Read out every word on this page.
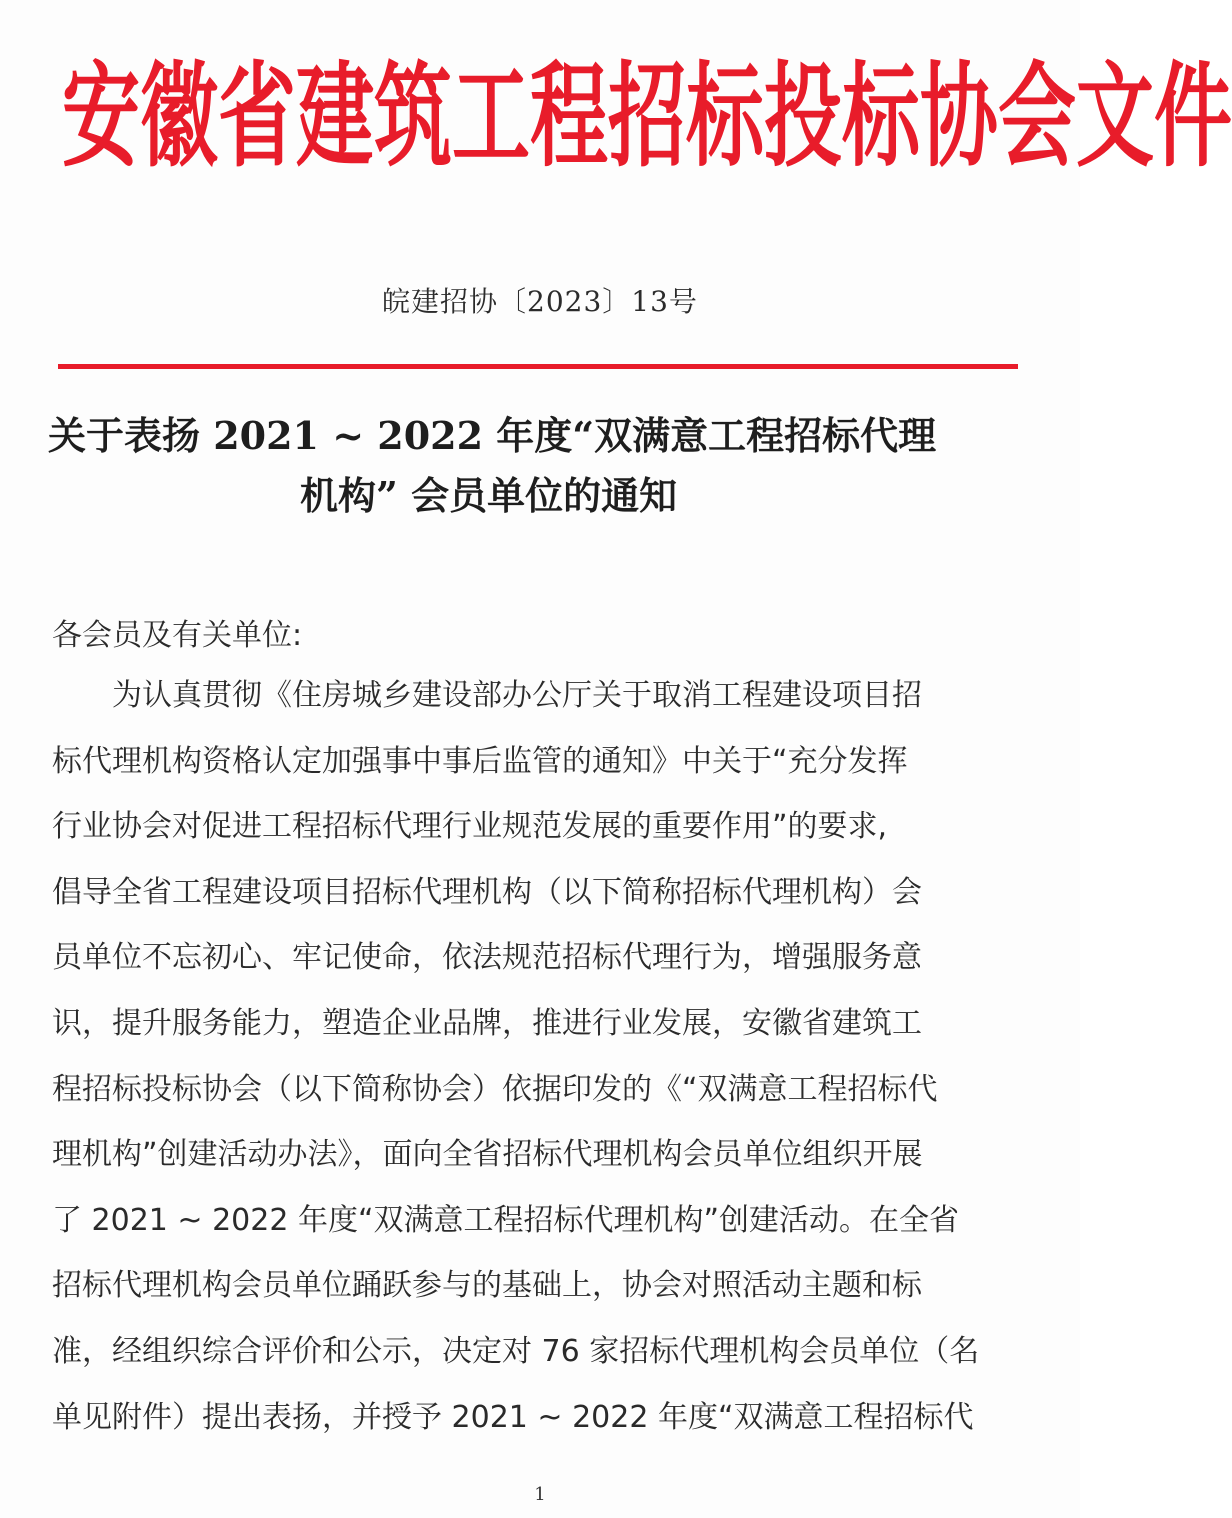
安徽省建筑工程招标投标协会文件
皖建招协〔2023〕13号
关于表扬 2021 ~ 2022 年度“双满意工程招标代理
机构” 会员单位的通知
各会员及有关单位:
　　为认真贯彻《住房城乡建设部办公厅关于取消工程建设项目招
标代理机构资格认定加强事中事后监管的通知》中关于“充分发挥
行业协会对促进工程招标代理行业规范发展的重要作用”的要求,
倡导全省工程建设项目招标代理机构（以下简称招标代理机构）会
员单位不忘初心、牢记使命，依法规范招标代理行为，增强服务意
识，提升服务能力，塑造企业品牌，推进行业发展，安徽省建筑工
程招标投标协会（以下简称协会）依据印发的《“双满意工程招标代
理机构”创建活动办法》，面向全省招标代理机构会员单位组织开展
了 2021 ~ 2022 年度“双满意工程招标代理机构”创建活动。在全省
招标代理机构会员单位踊跃参与的基础上，协会对照活动主题和标
准，经组织综合评价和公示，决定对 76 家招标代理机构会员单位（名
单见附件）提出表扬，并授予 2021 ~ 2022 年度“双满意工程招标代
1
